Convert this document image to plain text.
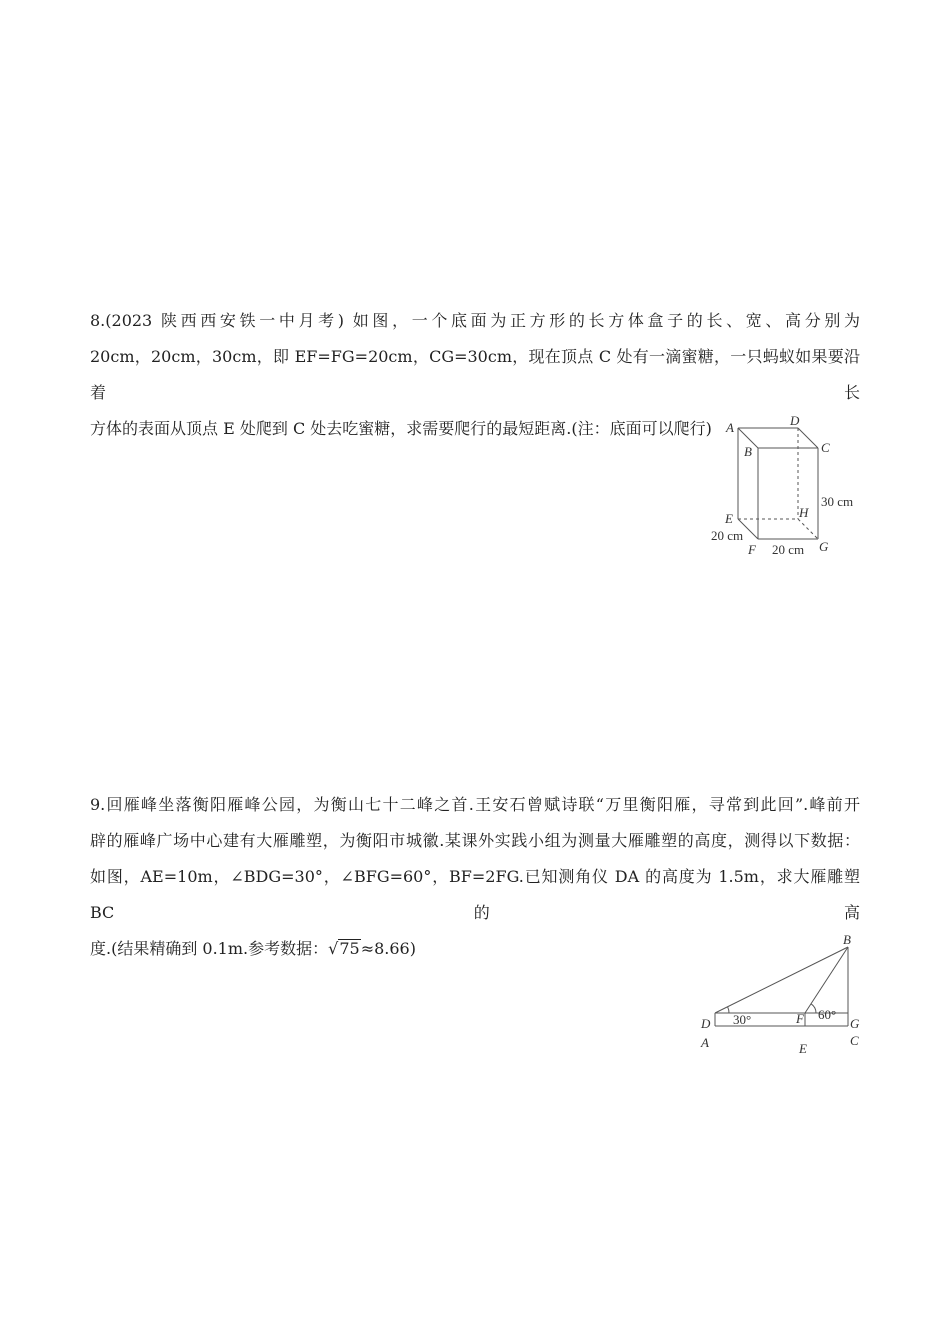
8.(2023 陕西西安铁一中月考) 如图，一个底面为正方形的长方体盒子的长、宽、高分别为
20cm，20cm，30cm，即 EF=FG=20cm，CG=30cm，现在顶点 C 处有一滴蜜糖，一只蚂蚁如果要沿着长

方体的表面从顶点 E 处爬到 C 处去吃蜜糖，求需要爬行的最短距离.(注：底面可以爬行)	A	D
C
B
H
E
F	G
30 cm
20 cm
20 cm
9.回雁峰坐落衡阳雁峰公园，为衡山七十二峰之首.王安石曾赋诗联“万里衡阳雁，寻常到此回”.峰前开
辟的雁峰广场中心建有大雁雕塑，为衡阳市城徽.某课外实践小组为测量大雁雕塑的高度，测得以下数据：
如图，AE=10m，∠BDG=30°，∠BFG=60°，BF=2FG.已知测角仪 DA 的高度为 1.5m，求大雁雕塑 BC 的高

度.(结果精确到 0.1m.参考数据：√75≈8.66)	B
D
A
F
E
G
C
30°	60°
